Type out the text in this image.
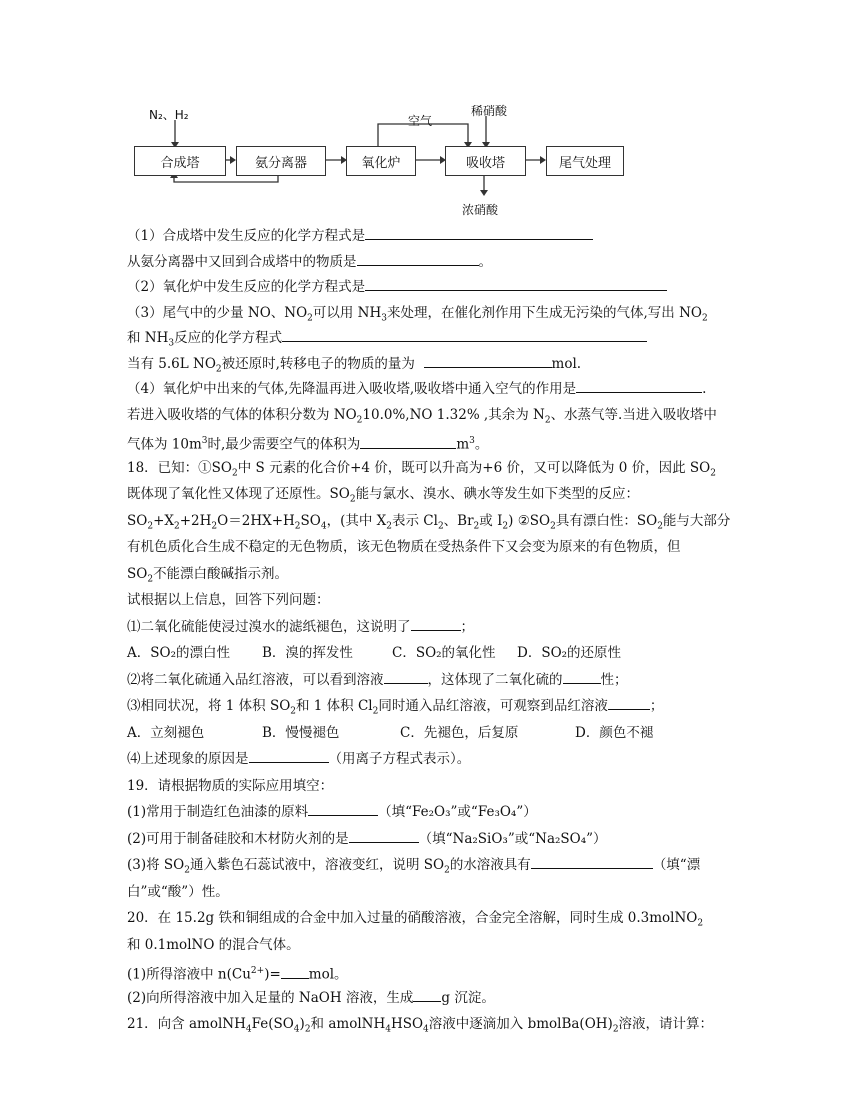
N₂、H₂
合成塔	氨分离器	氧化炉	吸收塔	尾气处理
空气
稀硝酸
浓硝酸
（1）合成塔中发生反应的化学方程式是
从氨分离器中又回到合成塔中的物质是	。
（2）氧化炉中发生反应的化学方程式是
（3）尾气中的少量 NO、$NO_2$可以用 $NH_3$来处理，在催化剂作用下生成无污染的气体,写出 $NO_2$
和 $NH_3$反应的化学方程式
当有 5.6L $NO_2$被还原时,转移电子的物质的量为	mol.
（4）氧化炉中出来的气体,先降温再进入吸收塔,吸收塔中通入空气的作用是	.
若进入吸收塔的气体的体积分数为 $NO_210.0\%,NO$ 1.32% ,其余为 $N_2$、水蒸气等.当进入吸收塔中
气体为 $10m^3$时,最少需要空气的体积为	$m^3$。
18．已知：$①SO_2$中 S 元素的化合价+4 价，既可以升高为+6 价，又可以降低为 0 价，因此 $SO_2$
既体现了氧化性又体现了还原性。$SO_2$能与氯水、溴水、碘水等发生如下类型的反应：
$SO_2+X_2+2H_2O=2HX+H_2SO_4$，(其中 $X_2$表示 $Cl_2$、$Br_2$或 $I_2$) $②SO_2$具有漂白性：$SO_2$能与大部分
有机色质化合生成不稳定的无色物质，该无色物质在受热条件下又会变为原来的有色物质，但
$SO_2$不能漂白酸碱指示剂。
试根据以上信息，回答下列问题：
⑴二氧化硫能使浸过溴水的滤纸褪色，这说明了	；
A．SO₂的漂白性 B．溴的挥发性	C．SO₂的氧化性 D．SO₂的还原性
⑵将二氧化硫通入品红溶液，可以看到溶液	，这体现了二氧化硫的	性；
⑶相同状况，将 1 体积 $SO_2$和 1 体积 $Cl_2$同时通入品红溶液，可观察到品红溶液	；
A．立刻褪色	B．慢慢褪色	C．先褪色，后复原	D．颜色不褪
⑷上述现象的原因是	（用离子方程式表示）。
19．请根据物质的实际应用填空：
(1)常用于制造红色油漆的原料	（填“Fe₂O₃”或“Fe₃O₄”）
(2)可用于制备硅胶和木材防火剂的是	（填“Na₂SiO₃”或“Na₂SO₄”）
(3)将 $SO_2$通入紫色石蕊试液中，溶液变红，说明 $SO_2$的水溶液具有	（填“漂
白”或“酸”）性。
20．在 15.2g 铁和铜组成的合金中加入过量的硝酸溶液，合金完全溶解，同时生成 0.3molNO$_2$
和 0.1molNO 的混合气体。
(1)所得溶液中 $n(Cu^{2+})=$ mol。
(2)向所得溶液中加入足量的 NaOH 溶液，生成 g 沉淀。
21．向含 $amolNH_4Fe(SO_4)_2$和 $amolNH_4HSO_4$溶液中逐滴加入 $bmolBa(OH)_2$溶液，请计算：
